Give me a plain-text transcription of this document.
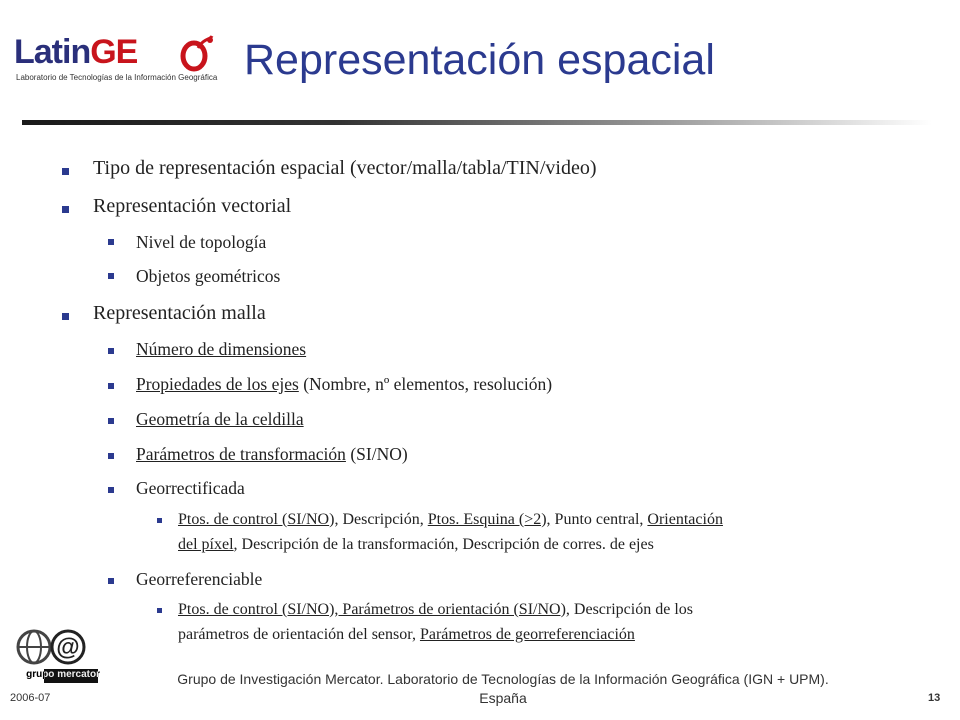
LatinGE
Laboratorio de Tecnologías de la Información Geográfica Representación espacial
Tipo de representación espacial (vector/malla/tabla/TIN/video)
Representación vectorial
Nivel de topología
Objetos geométricos
Representación malla
Número de dimensiones
Propiedades de los ejes (Nombre, nº elementos, resolución)
Geometría de la celdilla
Parámetros de transformación (SI/NO)
Georrectificada
Ptos. de control (SI/NO), Descripción, Ptos. Esquina (>2), Punto central, Orientación
del píxel, Descripción de la transformación, Descripción de corres. de ejes
Georreferenciable
Ptos. de control (SI/NO), Parámetros de orientación (SI/NO), Descripción de los
parámetros de orientación del sensor, Parámetros de georreferenciación
@
grupo mercator	Grupo de Investigación Mercator. Laboratorio de Tecnologías de la Información Geográfica (IGN + UPM).
España
2006-07	13
